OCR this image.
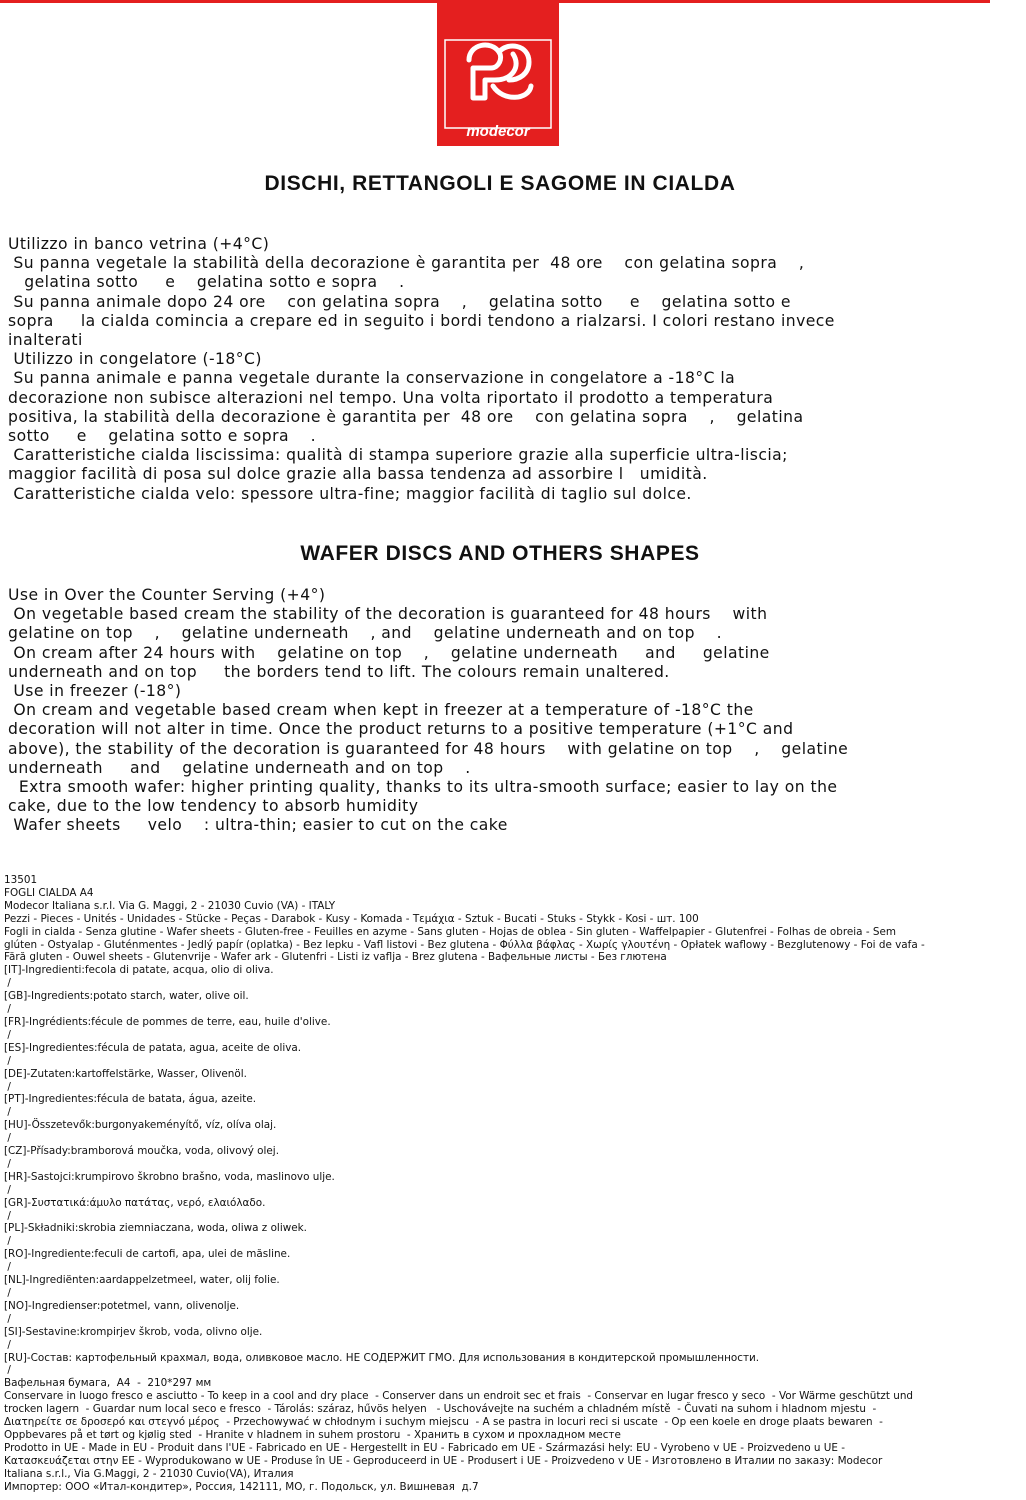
modecor
DISCHI, RETTANGOLI E SAGOME IN CIALDA

Utilizzo in banco vetrina (+4°C)

Su panna vegetale la stabilità della decorazione è garantita per  48 ore    con gelatina sopra    ,

gelatina sotto     e    gelatina sotto e sopra    .

Su panna animale dopo 24 ore    con gelatina sopra    ,    gelatina sotto     e    gelatina sotto e

sopra     la cialda comincia a crepare ed in seguito i bordi tendono a rialzarsi. I colori restano invece

inalterati

Utilizzo in congelatore (-18°C)

Su panna animale e panna vegetale durante la conservazione in congelatore a -18°C la

decorazione non subisce alterazioni nel tempo. Una volta riportato il prodotto a temperatura

positiva, la stabilità della decorazione è garantita per  48 ore    con gelatina sopra    ,    gelatina

sotto     e    gelatina sotto e sopra    .

Caratteristiche cialda liscissima: qualità di stampa superiore grazie alla superficie ultra-liscia;

maggior facilità di posa sul dolce grazie alla bassa tendenza ad assorbire l   umidità.

Caratteristiche cialda velo: spessore ultra-fine; maggior facilità di taglio sul dolce.

WAFER DISCS AND OTHERS SHAPES

Use in Over the Counter Serving (+4°)

On vegetable based cream the stability of the decoration is guaranteed for 48 hours    with

gelatine on top    ,    gelatine underneath    , and    gelatine underneath and on top    .

On cream after 24 hours with    gelatine on top    ,    gelatine underneath     and     gelatine

underneath and on top     the borders tend to lift. The colours remain unaltered.

Use in freezer (-18°)

On cream and vegetable based cream when kept in freezer at a temperature of -18°C the

decoration will not alter in time. Once the product returns to a positive temperature (+1°C and

above), the stability of the decoration is guaranteed for 48 hours    with gelatine on top    ,    gelatine

underneath     and    gelatine underneath and on top    .

Extra smooth wafer: higher printing quality, thanks to its ultra-smooth surface; easier to lay on the

cake, due to the low tendency to absorb humidity

Wafer sheets     velo    : ultra-thin; easier to cut on the cake

13501

FOGLI CIALDA A4

Modecor Italiana s.r.l. Via G. Maggi, 2 - 21030 Cuvio (VA) - ITALY

Pezzi - Pieces - Unités - Unidades - Stücke - Peças - Darabok - Kusy - Komada - Τεμάχια - Sztuk - Bucati - Stuks - Stykk - Kosi - шт. 100

Fogli in cialda - Senza glutine - Wafer sheets - Gluten-free - Feuilles en azyme - Sans gluten - Hojas de oblea - Sin gluten - Waffelpapier - Glutenfrei - Folhas de obreia - Sem

glúten - Ostyalap - Gluténmentes - Jedlý papír (oplatka) - Bez lepku - Vafl listovi - Bez glutena - Φύλλα βάφλας - Χωρίς γλουτένη - Opłatek waflowy - Bezglutenowy - Foi de vafa -

Fără gluten - Ouwel sheets - Glutenvrije - Wafer ark - Glutenfri - Listi iz vaflja - Brez glutena - Вафельные листы - Без глютена

[IT]-Ingredienti:fecola di patate, acqua, olio di oliva.

/

[GB]-Ingredients:potato starch, water, olive oil.

/

[FR]-Ingrédients:fécule de pommes de terre, eau, huile d'olive.

/

[ES]-Ingredientes:fécula de patata, agua, aceite de oliva.

/

[DE]-Zutaten:kartoffelstärke, Wasser, Olivenöl.

/

[PT]-Ingredientes:fécula de batata, água, azeite.

/

[HU]-Összetevők:burgonyakeményítő, víz, olíva olaj.

/

[CZ]-Přísady:bramborová moučka, voda, olivový olej.

/

[HR]-Sastojci:krumpirovo škrobno brašno, voda, maslinovo ulje.

/

[GR]-Συστατικά:άμυλο πατάτας, νερό, ελαιόλαδο.

/

[PL]-Składniki:skrobia ziemniaczana, woda, oliwa z oliwek.

/

[RO]-Ingrediente:feculi de cartofi, apa, ulei de măsline.

/

[NL]-Ingrediënten:aardappelzetmeel, water, olij folie.

/

[NO]-Ingredienser:potetmel, vann, olivenolje.

/

[SI]-Sestavine:krompirjev škrob, voda, olivno olje.

/

[RU]-Состав: картофельный крахмал, вода, оливковое масло. НЕ СОДЕРЖИТ ГМО. Для использования в кондитерской промышленности.

/

Вафельная бумага,  А4  -  210*297 мм

Conservare in luogo fresco e asciutto - To keep in a cool and dry place  - Conserver dans un endroit sec et frais  - Conservar en lugar fresco y seco  - Vor Wärme geschützt und

trocken lagern  - Guardar num local seco e fresco  - Tárolás: száraz, hűvös helyen   - Uschovávejte na suchém a chladném místě  - Čuvati na suhom i hladnom mjestu  -

Διατηρείτε σε δροσερό και στεγνό μέρος  - Przechowywać w chłodnym i suchym miejscu  - A se pastra in locuri reci si uscate  - Op een koele en droge plaats bewaren  -

Oppbevares på et tørt og kjølig sted  - Hranite v hladnem in suhem prostoru  - Хранить в сухом и прохладном месте

Prodotto in UE - Made in EU - Produit dans l'UE - Fabricado en UE - Hergestellt in EU - Fabricado em UE - Származási hely: EU - Vyrobeno v UE - Proizvedeno u UE -

Κατασκευάζεται στην ΕΕ - Wyprodukowano w UE - Produse în UE - Geproduceerd in UE - Produsert i UE - Proizvedeno v UE - Изготовлено в Италии по заказу: Modecor

Italiana s.r.l., Via G.Maggi, 2 - 21030 Cuvio(VA), Италия

Импортер: ООО «Итал-кондитер», Россия, 142111, МО, г. Подольск, ул. Вишневая  д.7
